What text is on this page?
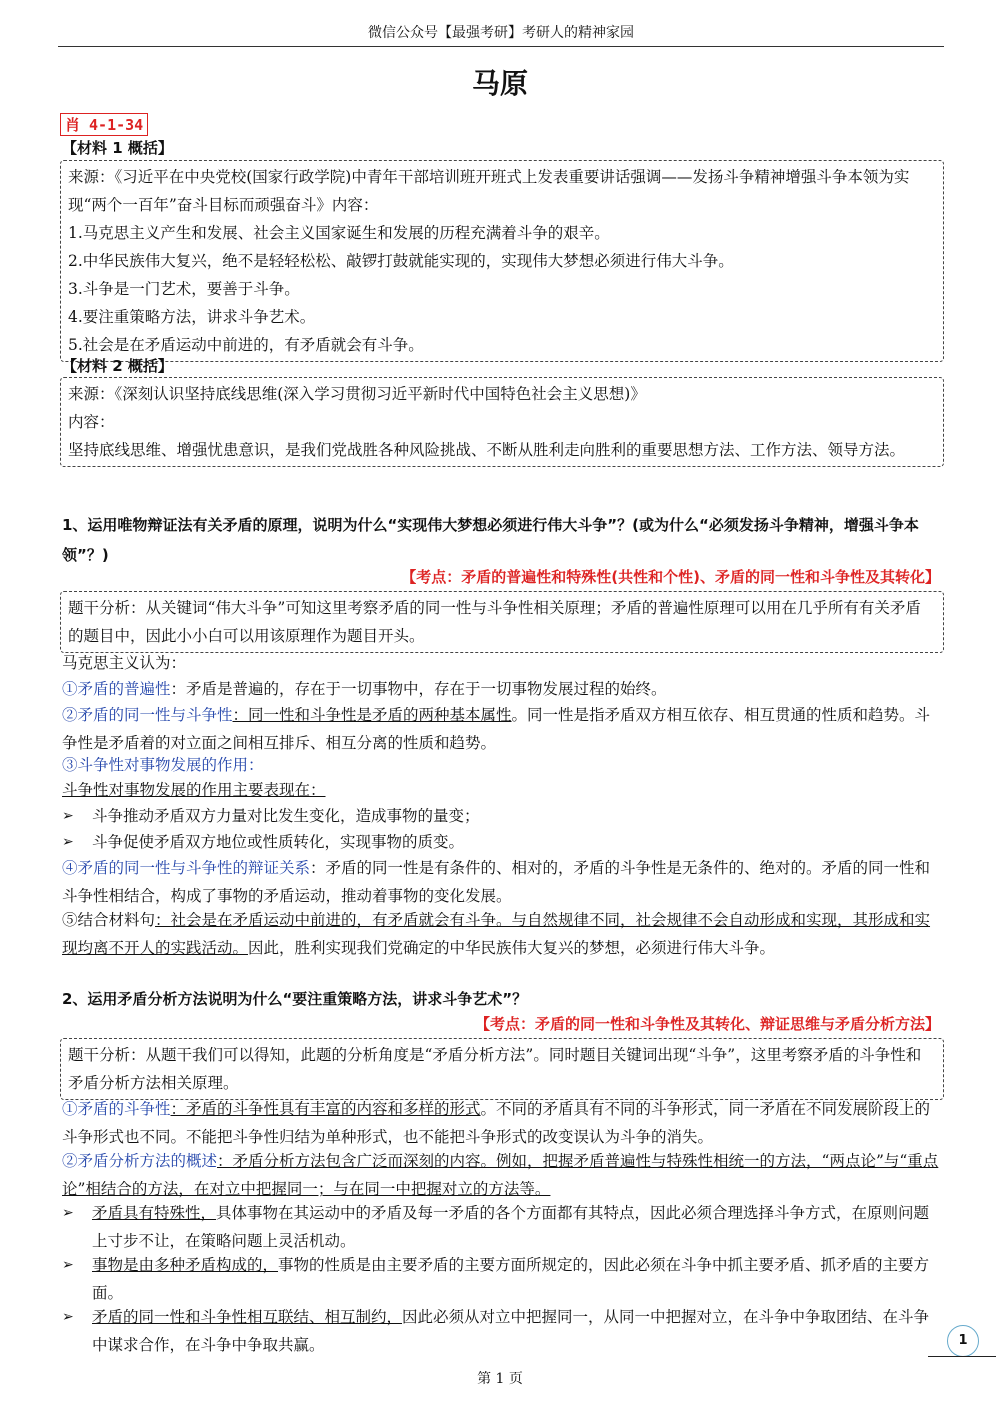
微信公众号【最强考研】考研人的精神家园
马原
肖 4-1-34
【材料 1 概括】

来源：《习近平在中央党校(国家行政学院)中青年干部培训班开班式上发表重要讲话强调——发扬斗争精神增强斗争本领为实现“两个一百年”奋斗目标而顽强奋斗》内容：

1.马克思主义产生和发展、社会主义国家诞生和发展的历程充满着斗争的艰辛。

2.中华民族伟大复兴，绝不是轻轻松松、敲锣打鼓就能实现的，实现伟大梦想必须进行伟大斗争。

3.斗争是一门艺术，要善于斗争。

4.要注重策略方法，讲求斗争艺术。

5.社会是在矛盾运动中前进的，有矛盾就会有斗争。

【材料 2 概括】

来源：《深刻认识坚持底线思维(深入学习贯彻习近平新时代中国特色社会主义思想)》

内容：

坚持底线思维、增强忧患意识，是我们党战胜各种风险挑战、不断从胜利走向胜利的重要思想方法、工作方法、领导方法。

1、运用唯物辩证法有关矛盾的原理，说明为什么“实现伟大梦想必须进行伟大斗争”？(或为什么“必须发扬斗争精神，增强斗争本领”？)
【考点：矛盾的普遍性和特殊性(共性和个性)、矛盾的同一性和斗争性及其转化】

题干分析：从关键词“伟大斗争”可知这里考察矛盾的同一性与斗争性相关原理；矛盾的普遍性原理可以用在几乎所有有关矛盾的题目中，因此小小白可以用该原理作为题目开头。

马克思主义认为：
①矛盾的普遍性：矛盾是普遍的，存在于一切事物中，存在于一切事物发展过程的始终。
②矛盾的同一性与斗争性：同一性和斗争性是矛盾的两种基本属性。同一性是指矛盾双方相互依存、相互贯通的性质和趋势。斗争性是矛盾着的对立面之间相互排斥、相互分离的性质和趋势。
③斗争性对事物发展的作用：
斗争性对事物发展的作用主要表现在：
➢ 斗争推动矛盾双方力量对比发生变化，造成事物的量变；
➢ 斗争促使矛盾双方地位或性质转化，实现事物的质变。
④矛盾的同一性与斗争性的辩证关系：矛盾的同一性是有条件的、相对的，矛盾的斗争性是无条件的、绝对的。矛盾的同一性和斗争性相结合，构成了事物的矛盾运动，推动着事物的变化发展。
⑤结合材料句：社会是在矛盾运动中前进的，有矛盾就会有斗争。与自然规律不同，社会规律不会自动形成和实现，其形成和实现均离不开人的实践活动。因此，胜利实现我们党确定的中华民族伟大复兴的梦想，必须进行伟大斗争。
2、运用矛盾分析方法说明为什么“要注重策略方法，讲求斗争艺术”？
【考点：矛盾的同一性和斗争性及其转化、辩证思维与矛盾分析方法】

题干分析：从题干我们可以得知，此题的分析角度是“矛盾分析方法”。同时题目关键词出现“斗争”，这里考察矛盾的斗争性和矛盾分析方法相关原理。

①矛盾的斗争性：矛盾的斗争性具有丰富的内容和多样的形式。不同的矛盾具有不同的斗争形式，同一矛盾在不同发展阶段上的斗争形式也不同。不能把斗争性归结为单种形式，也不能把斗争形式的改变误认为斗争的消失。
②矛盾分析方法的概述：矛盾分析方法包含广泛而深刻的内容。例如，把握矛盾普遍性与特殊性相统一的方法，“两点论”与“重点论”相结合的方法，在对立中把握同一；与在同一中把握对立的方法等。
➢ 矛盾具有特殊性，具体事物在其运动中的矛盾及每一矛盾的各个方面都有其特点，因此必须合理选择斗争方式，在原则问题上寸步不让，在策略问题上灵活机动。
➢ 事物是由多种矛盾构成的，事物的性质是由主要矛盾的主要方面所规定的，因此必须在斗争中抓主要矛盾、抓矛盾的主要方面。
➢ 矛盾的同一性和斗争性相互联结、相互制约，因此必须从对立中把握同一，从同一中把握对立，在斗争中争取团结、在斗争中谋求合作，在斗争中争取共赢。	1
第 1 页
